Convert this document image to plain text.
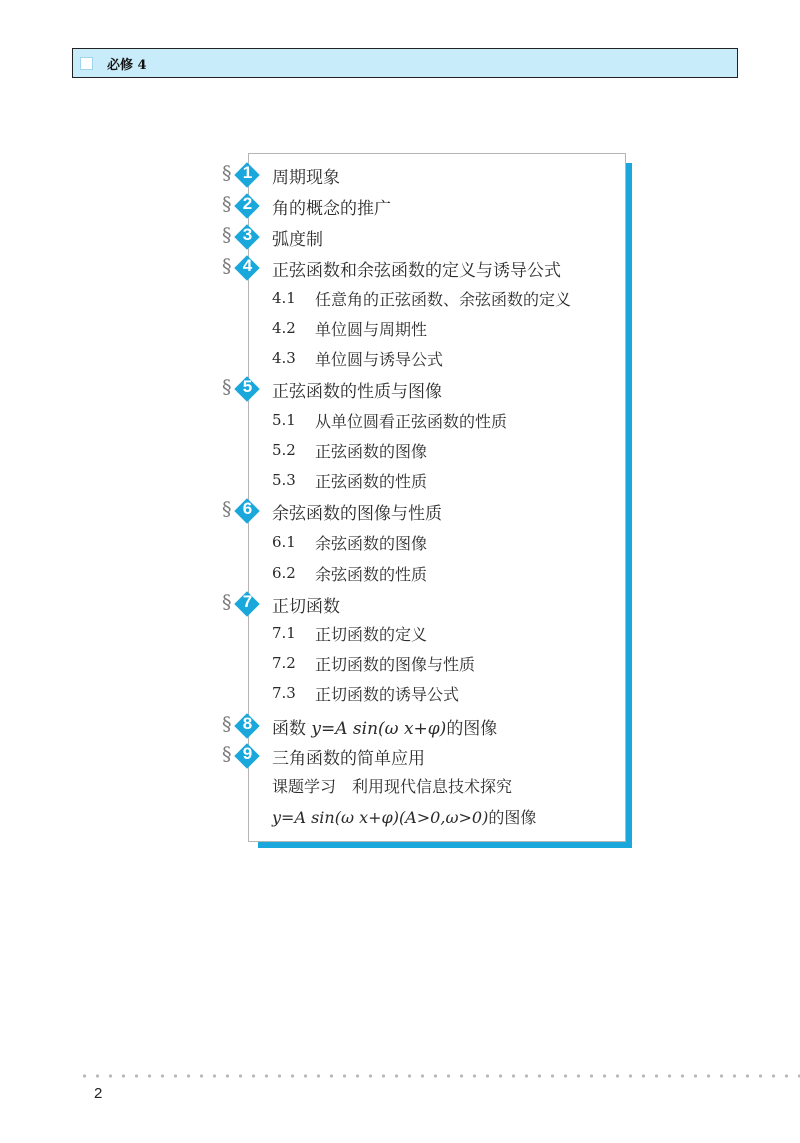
必修 4
§ 1	周期现象
§ 2	角的概念的推广
§ 3	弧度制
§ 4	正弦函数和余弦函数的定义与诱导公式
4.1 任意角的正弦函数、余弦函数的定义
4.2 单位圆与周期性
4.3 单位圆与诱导公式
§ 5	正弦函数的性质与图像
5.1 从单位圆看正弦函数的性质
5.2 正弦函数的图像
5.3 正弦函数的性质
§ 6	余弦函数的图像与性质
6.1 余弦函数的图像
6.2 余弦函数的性质
§ 7	正切函数
7.1 正切函数的定义
7.2 正切函数的图像与性质
7.3 正切函数的诱导公式
§ 8	函数 y=A sin(ω x+φ)的图像
§ 9	三角函数的简单应用
课题学习　利用现代信息技术探究
y=A sin(ω x+φ)(A>0,ω>0)的图像
2
